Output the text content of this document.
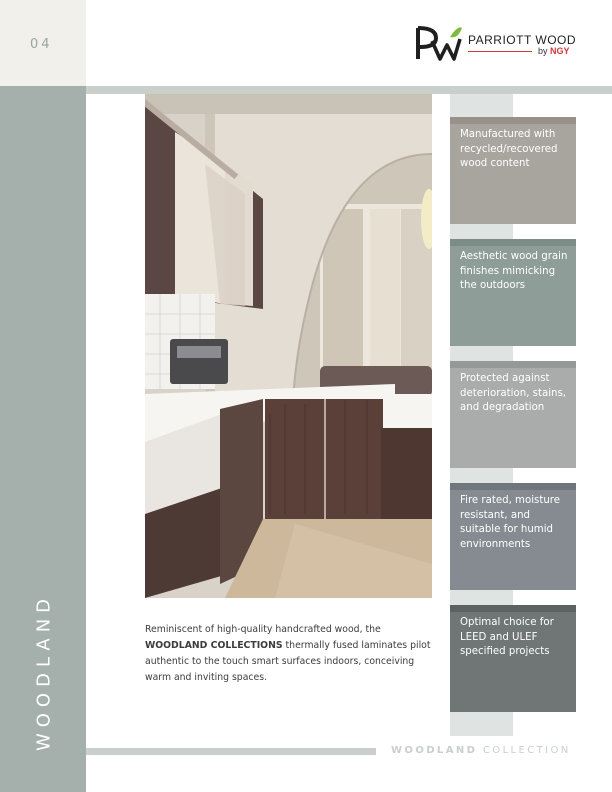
04
WOODLAND
PARRIOTT WOOD
by NGY

Reminiscent of high-quality handcrafted wood, the WOODLAND COLLECTIONS thermally fused laminates pilot authentic to the touch smart surfaces indoors, conceiving warm and inviting spaces.

Manufactured with recycled/recovered wood content
Aesthetic wood grain finishes mimicking the outdoors
Protected against deterioration, stains, and degradation
Fire rated, moisture resistant, and suitable for humid environments
Optimal choice for LEED and ULEF specified projects
WOODLAND COLLECTION
